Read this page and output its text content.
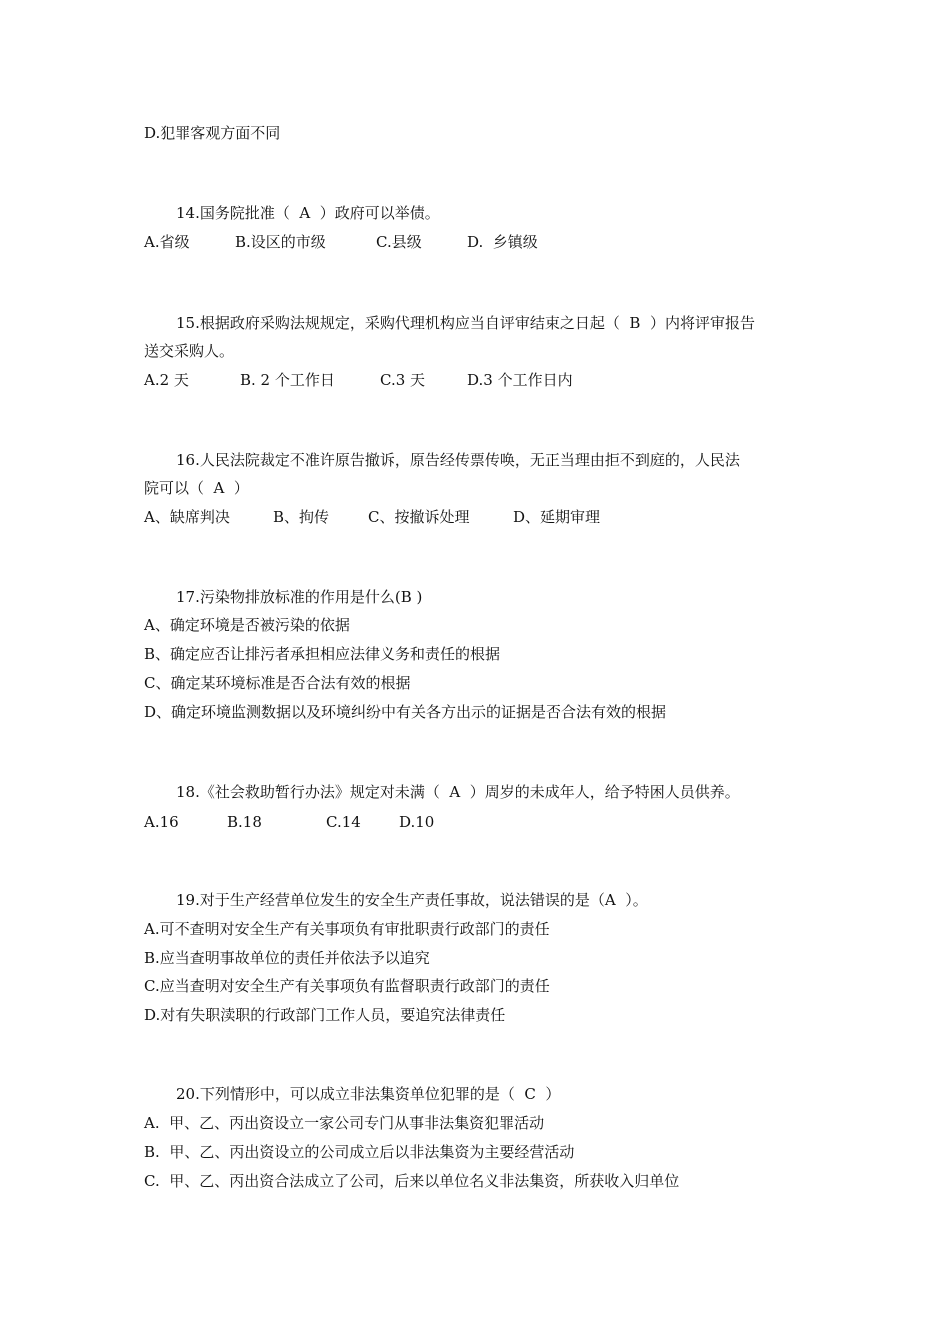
D.犯罪客观方面不同
14.国务院批准（  A  ）政府可以举债。
A.省级	B.设区的市级	C.县级	D.  乡镇级
15.根据政府采购法规规定，采购代理机构应当自评审结束之日起（  B  ）内将评审报告
送交采购人。
A.2 天	B. 2 个工作日	C.3 天	D.3 个工作日内
16.人民法院裁定不准许原告撤诉，原告经传票传唤，无正当理由拒不到庭的，人民法
院可以（  A  ）
A、缺席判决	B、拘传	C、按撤诉处理	D、延期审理
17.污染物排放标准的作用是什么(B )
A、确定环境是否被污染的依据
B、确定应否让排污者承担相应法律义务和责任的根据
C、确定某环境标准是否合法有效的根据
D、确定环境监测数据以及环境纠纷中有关各方出示的证据是否合法有效的根据
18.《社会救助暂行办法》规定对未满（  A  ）周岁的未成年人，给予特困人员供养。
A.16	B.18	C.14	D.10
19.对于生产经营单位发生的安全生产责任事故，说法错误的是（A  ）。
A.可不查明对安全生产有关事项负有审批职责行政部门的责任
B.应当查明事故单位的责任并依法予以追究
C.应当查明对安全生产有关事项负有监督职责行政部门的责任
D.对有失职渎职的行政部门工作人员，要追究法律责任
20.下列情形中，可以成立非法集资单位犯罪的是（  C  ）
A.  甲、乙、丙出资设立一家公司专门从事非法集资犯罪活动
B.  甲、乙、丙出资设立的公司成立后以非法集资为主要经营活动
C.  甲、乙、丙出资合法成立了公司，后来以单位名义非法集资，所获收入归单位
